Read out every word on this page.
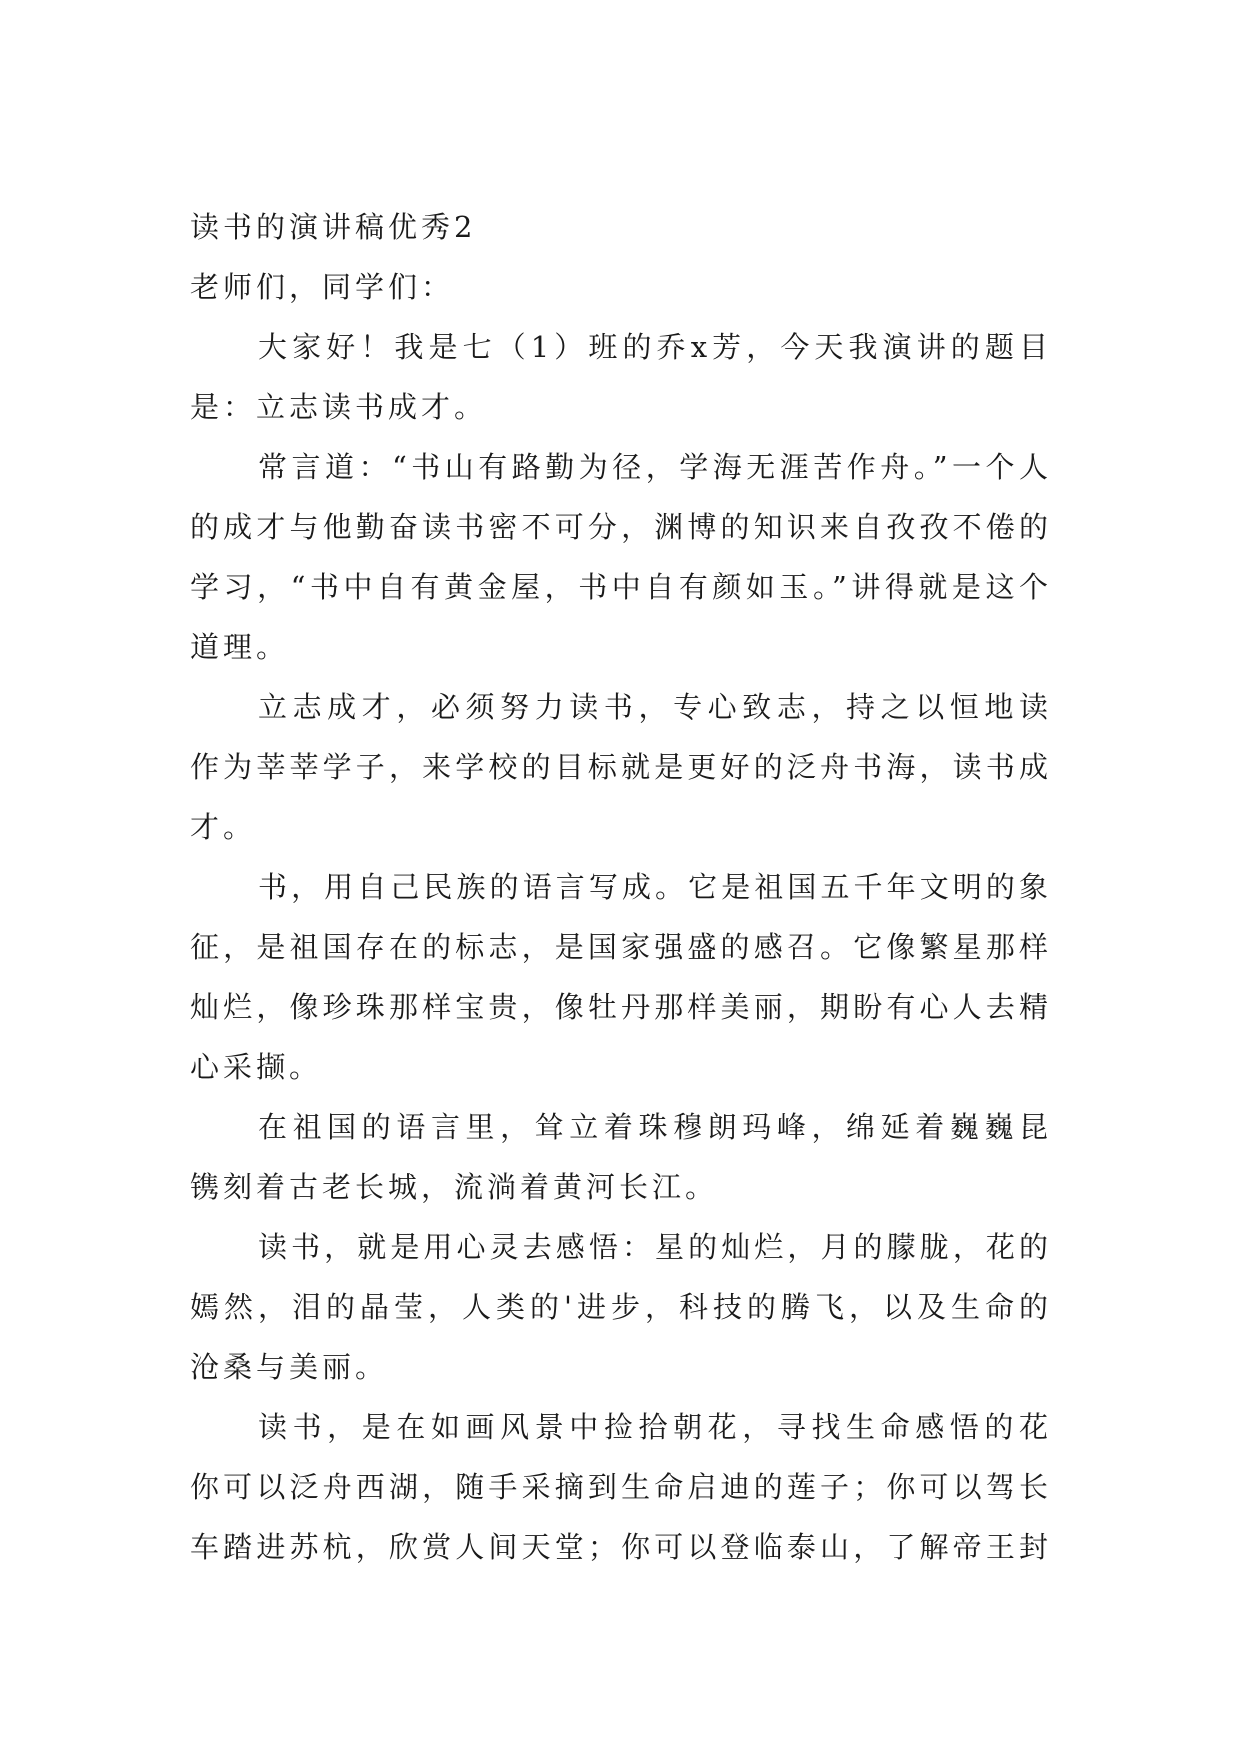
读书的演讲稿优秀2
老师们，同学们：
大家好！我是七（1）班的乔x芳，今天我演讲的题目
是：立志读书成才。
常言道：“书山有路勤为径，学海无涯苦作舟。”一个人
的成才与他勤奋读书密不可分，渊博的知识来自孜孜不倦的
学习，“书中自有黄金屋，书中自有颜如玉。”讲得就是这个
道理。
立志成才，必须努力读书，专心致志，持之以恒地读
作为莘莘学子，来学校的目标就是更好的泛舟书海，读书成
才。
书，用自己民族的语言写成。它是祖国五千年文明的象
征，是祖国存在的标志，是国家强盛的感召。它像繁星那样
灿烂，像珍珠那样宝贵，像牡丹那样美丽，期盼有心人去精
心采撷。
在祖国的语言里，耸立着珠穆朗玛峰，绵延着巍巍昆
镌刻着古老长城，流淌着黄河长江。
读书，就是用心灵去感悟：星的灿烂，月的朦胧，花的
嫣然，泪的晶莹，人类的'进步，科技的腾飞，以及生命的
沧桑与美丽。
读书，是在如画风景中捡拾朝花，寻找生命感悟的花
你可以泛舟西湖，随手采摘到生命启迪的莲子；你可以驾长
车踏进苏杭，欣赏人间天堂；你可以登临泰山，了解帝王封
